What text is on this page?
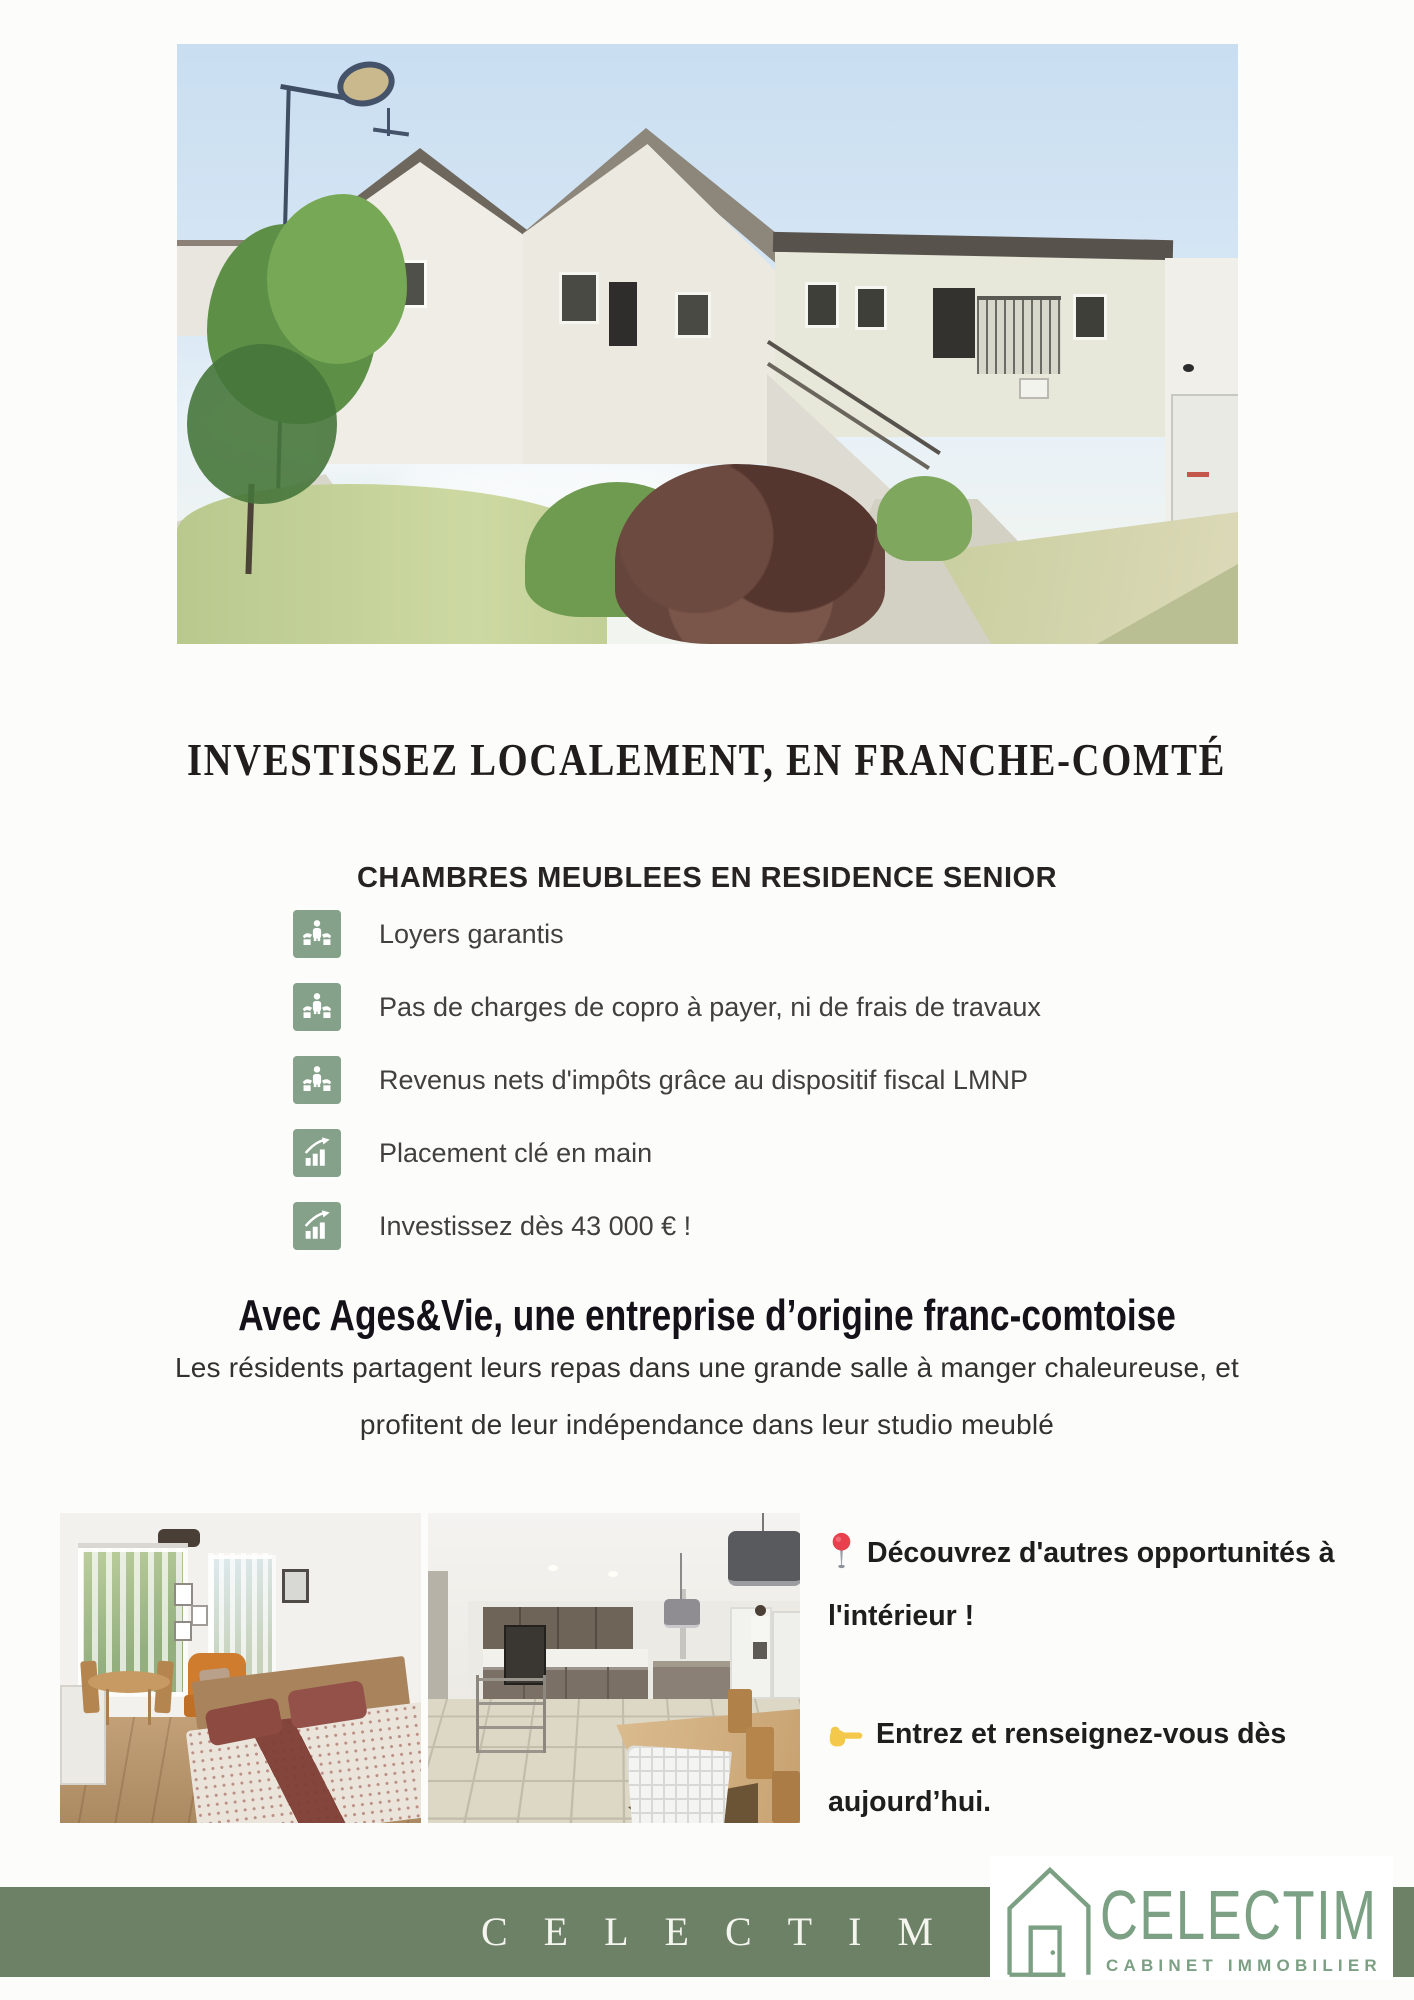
INVESTISSEZ LOCALEMENT, EN FRANCHE-COMTÉ
CHAMBRES MEUBLEES EN RESIDENCE SENIOR
Loyers garantis
Pas de charges de copro à payer, ni de frais de travaux
Revenus nets d'impôts grâce au dispositif fiscal LMNP
Placement clé en main
Investissez dès 43 000 € !
Avec Ages&Vie, une entreprise d’origine franc-comtoise

Les résidents partagent leurs repas dans une grande salle à manger chaleureuse, et

profitent de leur indépendance dans leur studio meublé

Découvrez d'autres opportunités à
l'intérieur !
Entrez et renseignez-vous dès
aujourd’hui.
CELECTIM	CELECTIM
CABINET IMMOBILIER
